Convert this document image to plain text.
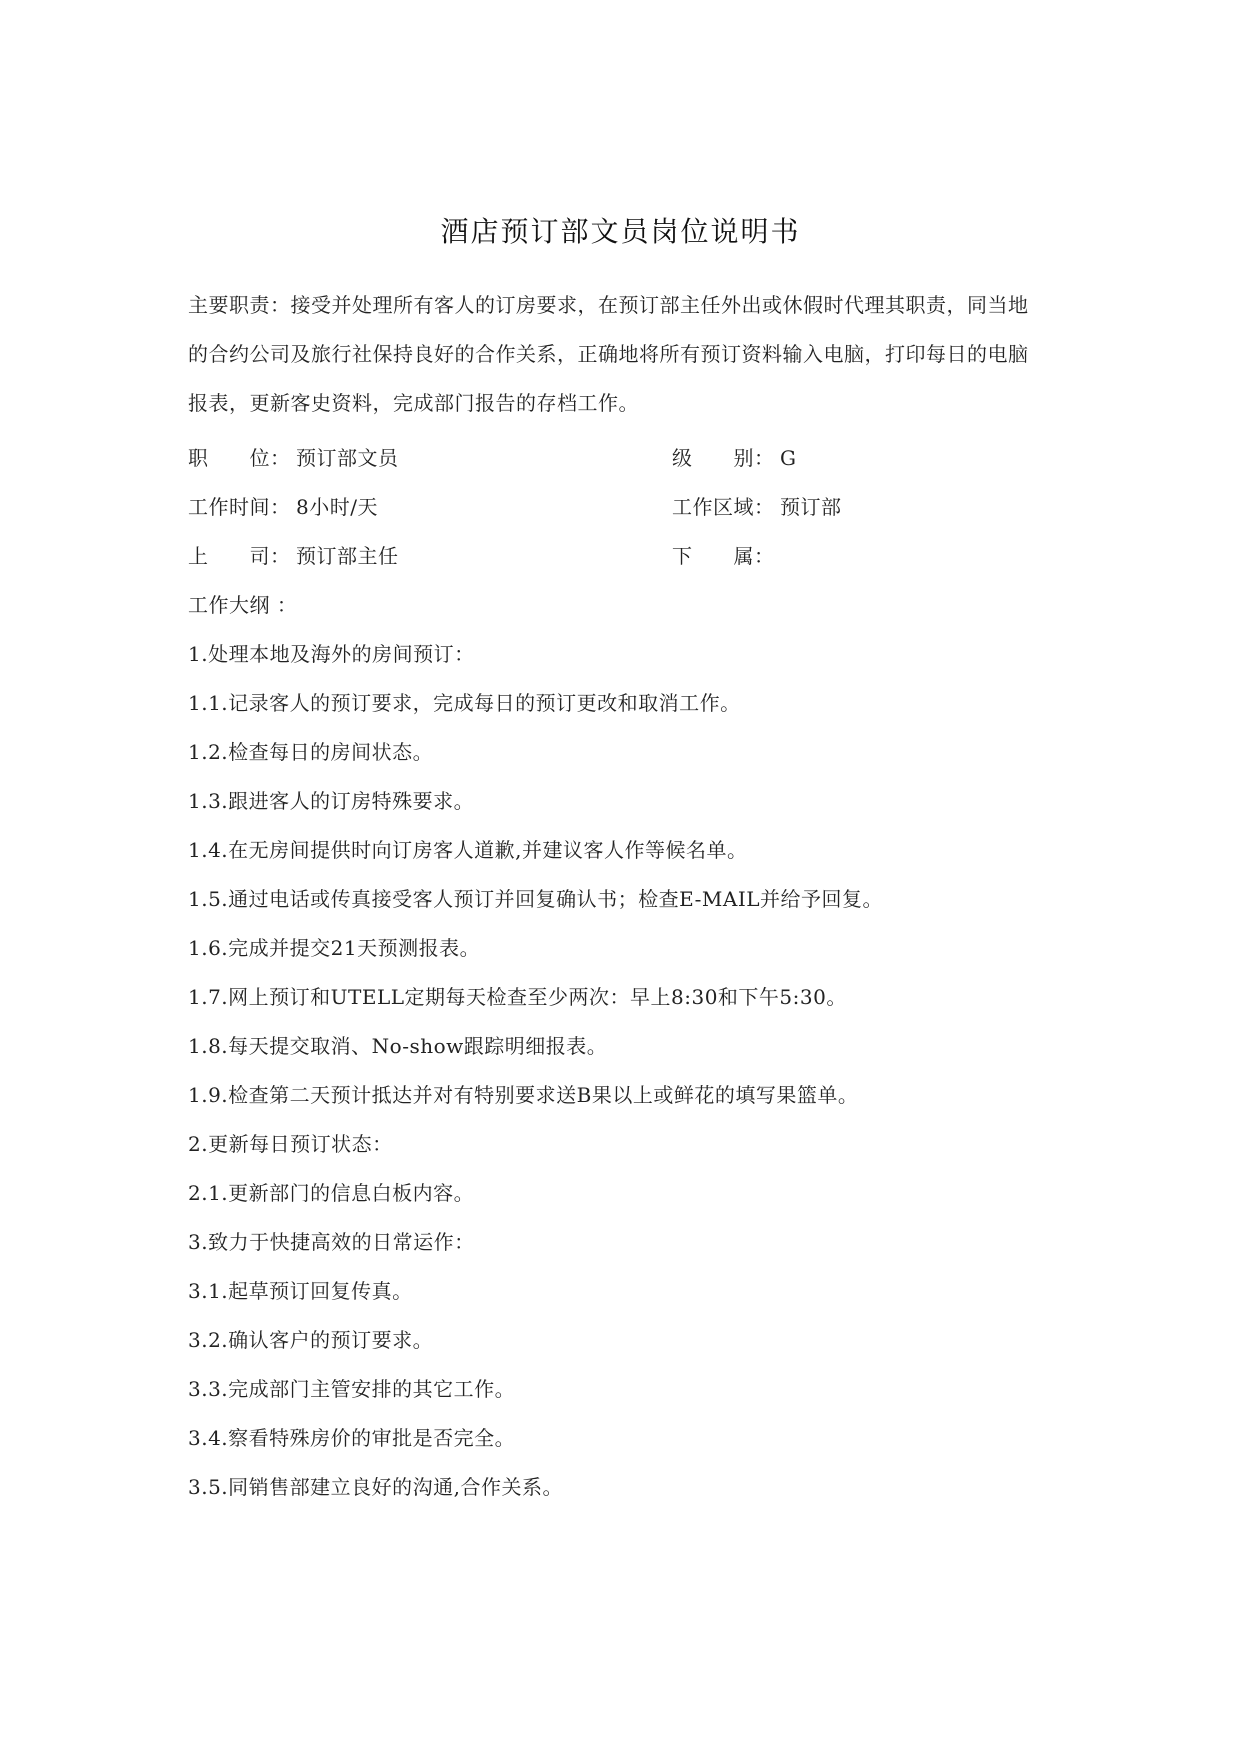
酒店预订部文员岗位说明书
主要职责：接受并处理所有客人的订房要求，在预订部主任外出或休假时代理其职责，同当地的合约公司及旅行社保持良好的合作关系，正确地将所有预订资料输入电脑，打印每日的电脑报表，更新客史资料，完成部门报告的存档工作。
职　　位： 预订部文员	级　　别： G
工作时间： 8小时/天	工作区域： 预订部
上　　司： 预订部主任	下　　属：
工作大纲 ：
1.处理本地及海外的房间预订：
1.1.记录客人的预订要求，完成每日的预订更改和取消工作。
1.2.检查每日的房间状态。
1.3.跟进客人的订房特殊要求。
1.4.在无房间提供时向订房客人道歉,并建议客人作等候名单。
1.5.通过电话或传真接受客人预订并回复确认书；检查E-MAIL并给予回复。
1.6.完成并提交21天预测报表。
1.7.网上预订和UTELL定期每天检查至少两次：早上8:30和下午5:30。
1.8.每天提交取消、No-show跟踪明细报表。
1.9.检查第二天预计抵达并对有特别要求送B果以上或鲜花的填写果篮单。
2.更新每日预订状态：
2.1.更新部门的信息白板内容。
3.致力于快捷高效的日常运作：
3.1.起草预订回复传真。
3.2.确认客户的预订要求。
3.3.完成部门主管安排的其它工作。
3.4.察看特殊房价的审批是否完全。
3.5.同销售部建立良好的沟通,合作关系。
